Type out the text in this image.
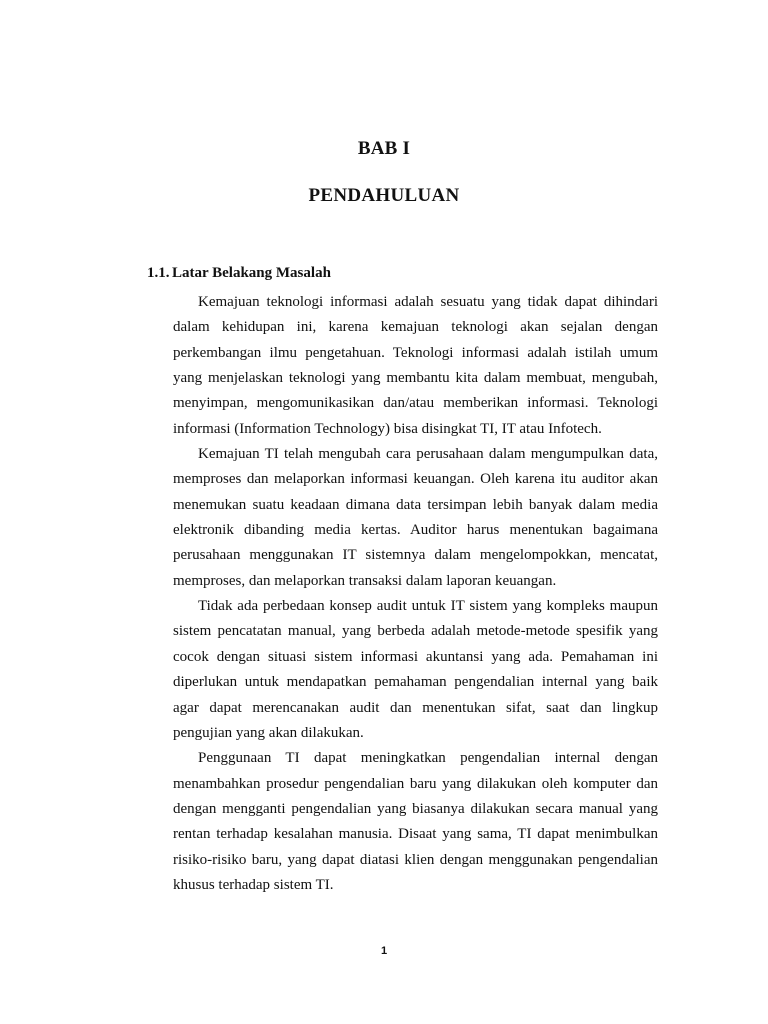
BAB I
PENDAHULUAN
1.1. Latar Belakang Masalah

Kemajuan teknologi informasi adalah sesuatu yang tidak dapat dihindari dalam kehidupan ini, karena kemajuan teknologi akan sejalan dengan perkembangan ilmu pengetahuan. Teknologi informasi adalah istilah umum yang menjelaskan teknologi yang membantu kita dalam membuat, mengubah, menyimpan, mengomunikasikan dan/atau memberikan informasi. Teknologi informasi (Information Technology) bisa disingkat TI, IT atau Infotech.

Kemajuan TI telah mengubah cara perusahaan dalam mengumpulkan data, memproses dan melaporkan informasi keuangan. Oleh karena itu auditor akan menemukan suatu keadaan dimana data tersimpan lebih banyak dalam media elektronik dibanding media kertas. Auditor harus menentukan bagaimana perusahaan menggunakan IT sistemnya dalam mengelompokkan, mencatat, memproses, dan melaporkan transaksi dalam laporan keuangan.

Tidak ada perbedaan konsep audit untuk IT sistem yang kompleks maupun sistem pencatatan manual, yang berbeda adalah metode-metode spesifik yang cocok dengan situasi sistem informasi akuntansi yang ada. Pemahaman ini diperlukan untuk mendapatkan pemahaman pengendalian internal yang baik agar dapat merencanakan audit dan menentukan sifat, saat dan lingkup pengujian yang akan dilakukan.

Penggunaan TI dapat meningkatkan pengendalian internal dengan menambahkan prosedur pengendalian baru yang dilakukan oleh komputer dan dengan mengganti pengendalian yang biasanya dilakukan secara manual yang rentan terhadap kesalahan manusia. Disaat yang sama, TI dapat menimbulkan risiko-risiko baru, yang dapat diatasi klien dengan menggunakan pengendalian khusus terhadap sistem TI.

1
